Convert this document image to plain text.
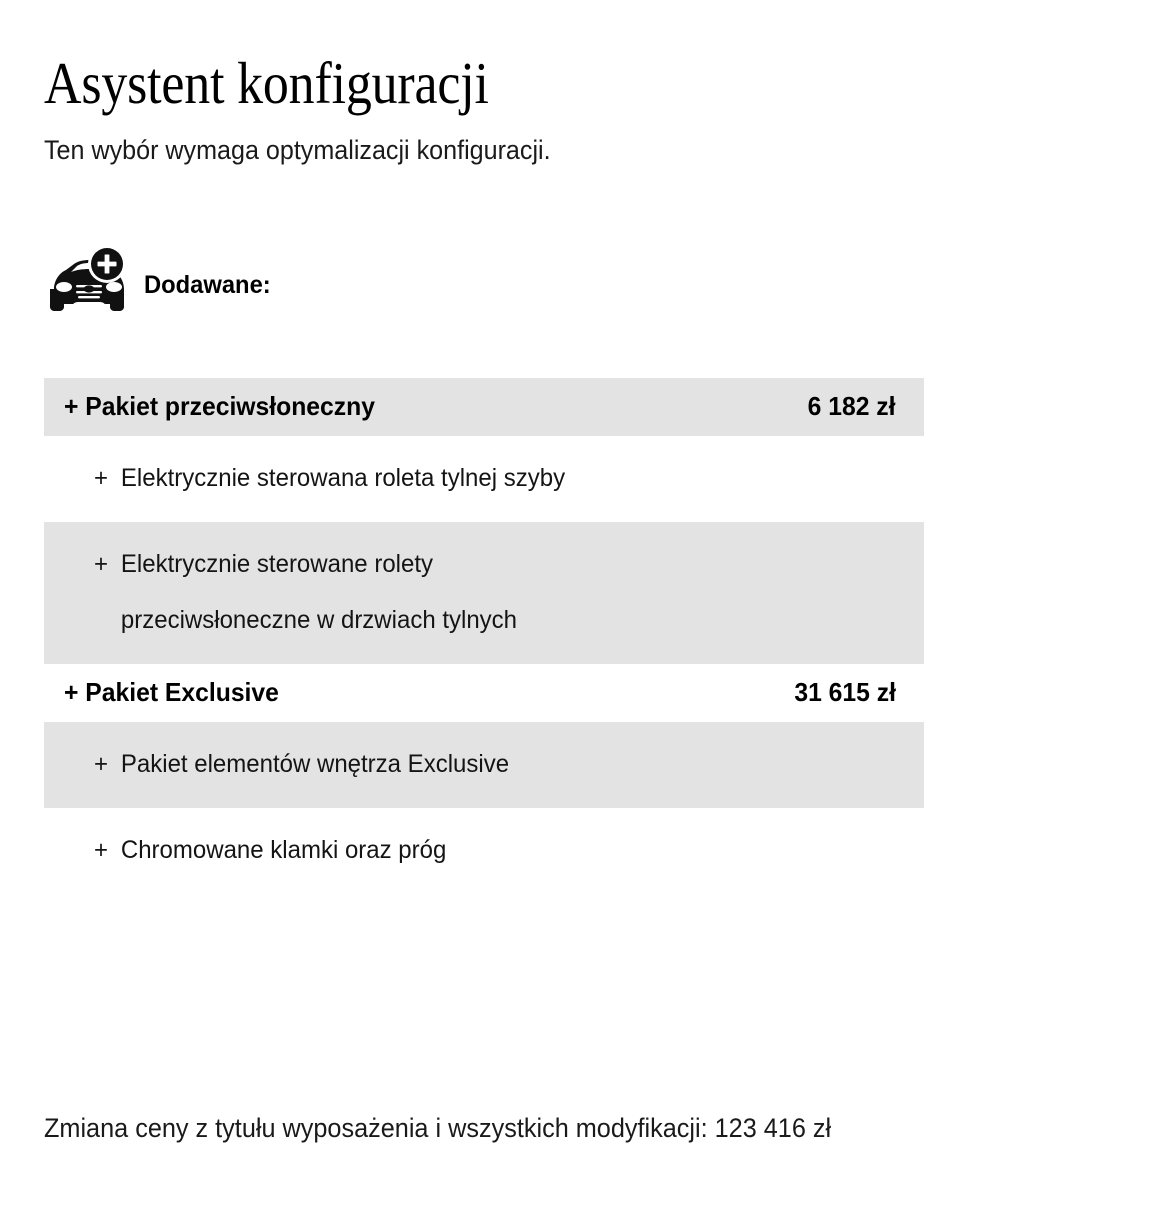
Asystent konfiguracji

Ten wybór wymaga optymalizacji konfiguracji.

Dodawane:
+ Pakiet przeciwsłoneczny	6 182 zł
+ Elektrycznie sterowana roleta tylnej szyby
+ Elektrycznie sterowane rolety przeciwsłoneczne w drzwiach tylnych
+ Pakiet Exclusive	31 615 zł
+ Pakiet elementów wnętrza Exclusive
+ Chromowane klamki oraz próg
Zmiana ceny z tytułu wyposażenia i wszystkich modyfikacji: 123 416 zł
